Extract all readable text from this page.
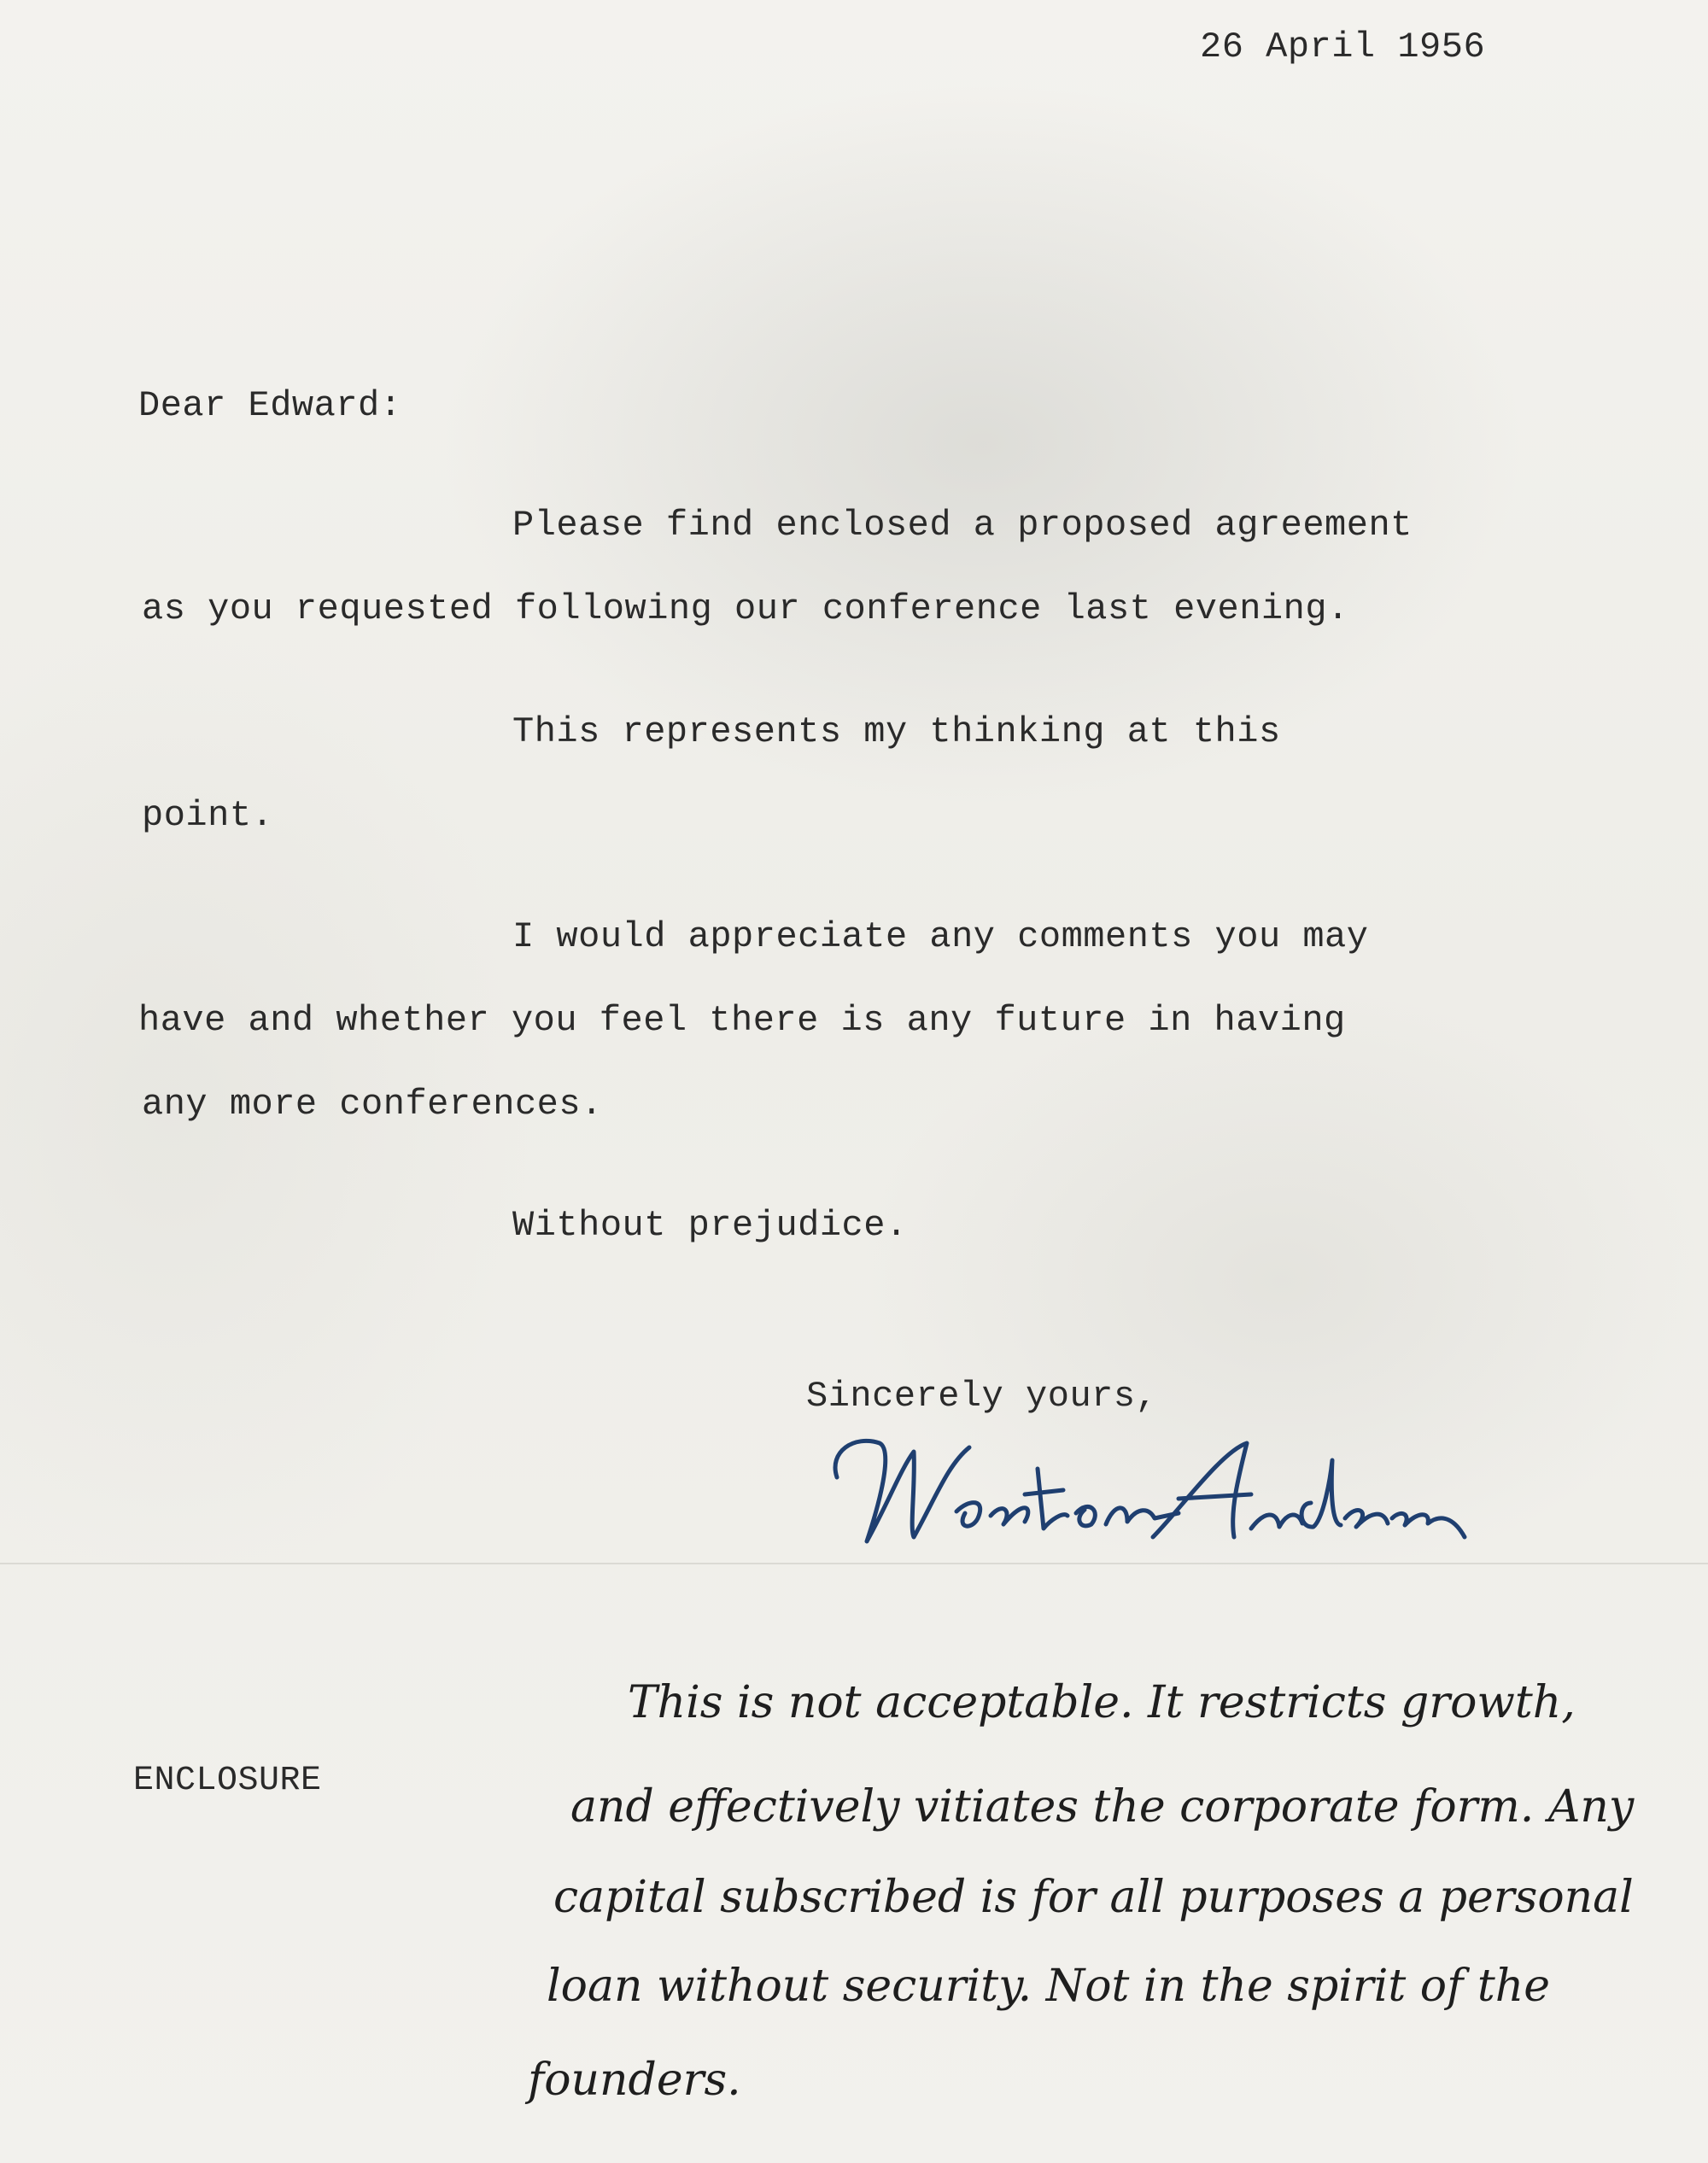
26 April 1956
Dear Edward:
Please find enclosed a proposed agreement
as you requested following our conference last evening.
This represents my thinking at this
point.
I would appreciate any comments you may
have and whether you feel there is any future in having
any more conferences.
Without prejudice.
Sincerely yours,
ENCLOSURE
This is not acceptable. It restricts growth,
and effectively vitiates the corporate form. Any
capital subscribed is for all purposes a personal
loan without security. Not in the spirit of the
founders.
